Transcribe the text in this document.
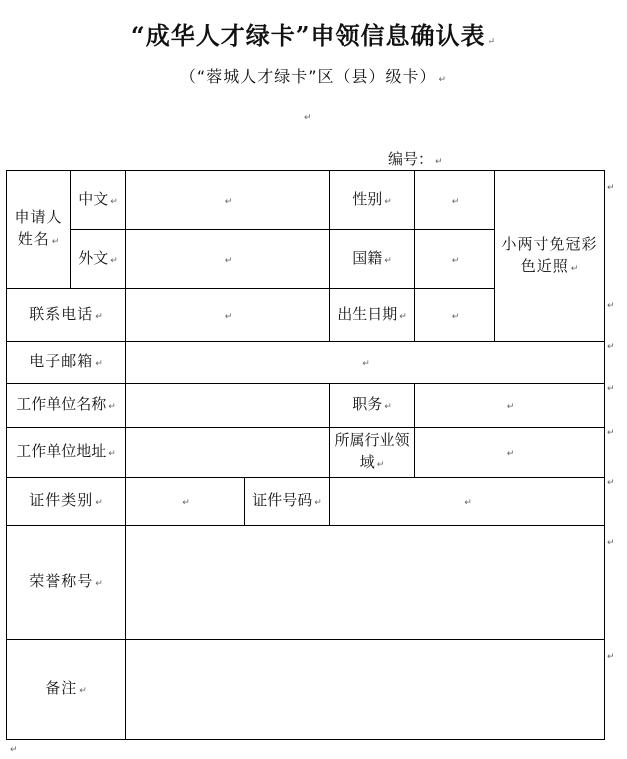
“成华人才绿卡”申领信息确认表 ↵
（“蓉城人才绿卡”区（县）级卡） ↵
↵
编号： ↵
申请人姓名 ↵	中文 ↵	↵		性别 ↵	↵	小两寸免冠彩色近照 ↵
	外文 ↵	↵		国籍 ↵	↵	
联系电话 ↵		↵		出生日期 ↵	↵	
电子邮箱 ↵		↵				
工作单位名称 ↵				职务 ↵	↵	
工作单位地址 ↵				所属行业领域 ↵	↵	
证件类别 ↵		↵	证件号码 ↵	↵		
荣誉称号 ↵						
备注 ↵						
↵
↵
↵
↵
↵
↵
↵
↵
↵
